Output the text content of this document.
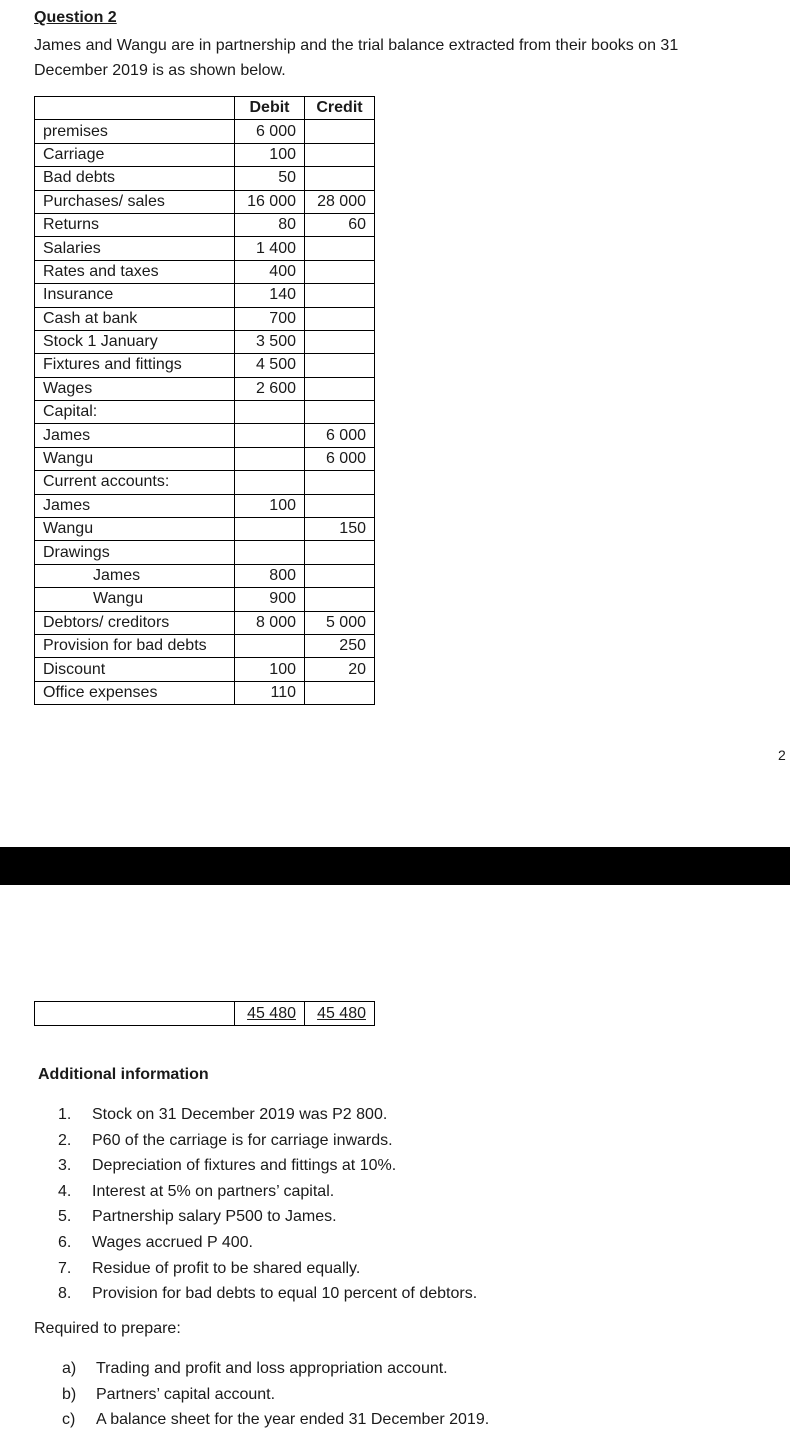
Question 2

James and Wangu are in partnership and the trial balance extracted from their books on 31
December 2019 is as shown below.

	Debit	Credit
premises	6 000	
Carriage	100	
Bad debts	50	
Purchases/ sales	16 000	28 000
Returns	80	60
Salaries	1 400	
Rates and taxes	400	
Insurance	140	
Cash at bank	700	
Stock 1 January	3 500	
Fixtures and fittings	4 500	
Wages	2 600	
Capital:		
James		6 000
Wangu		6 000
Current accounts:		
James	100	
Wangu		150
Drawings		
James	800	
Wangu	900	
Debtors/ creditors	8 000	5 000
Provision for bad debts		250
Discount	100	20
Office expenses	110	
2
	45 480	45 480
Additional information
1. Stock on 31 December 2019 was P2 800.
2. P60 of the carriage is for carriage inwards.
3. Depreciation of fixtures and fittings at 10%.
4. Interest at 5% on partners’ capital.
5. Partnership salary P500 to James.
6. Wages accrued P 400.
7. Residue of profit to be shared equally.
8. Provision for bad debts to equal 10 percent of debtors.

Required to prepare:

a) Trading and profit and loss appropriation account.
b) Partners’ capital account.
c) A balance sheet for the year ended 31 December 2019.
